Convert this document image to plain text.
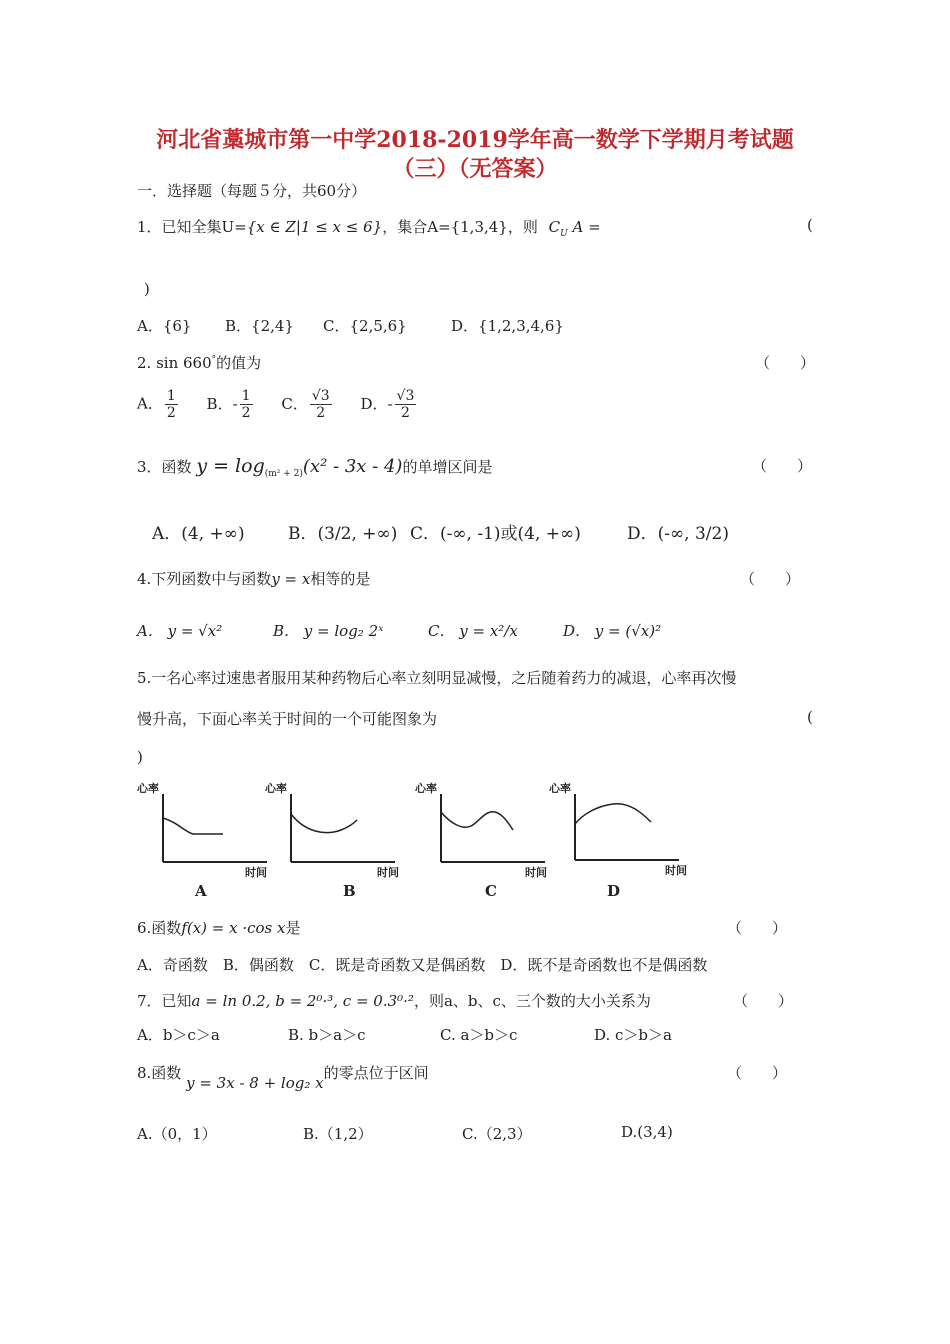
河北省藁城市第一中学2018-2019学年高一数学下学期月考试题
（三）（无答案）
一．选择题（每题５分，共60分）
1．已知全集U={x ∈ Z|1 ≤ x ≤ 6}，集合A={1,3,4}，则 $C_U$ A =	(
)
A．{6} B．{2,4} C．{2,5,6}	D．{1,2,3,4,6}
2. sin 660°的值为	（　　）
A． $\frac{1}{2}$ B．- $\frac{1}{2}$ C． $\frac{√3}{2}$ D．- $\frac{√3}{2}$
3．函数 $y = \log_{(m^2 + 2)}(x^2 - 3x - 4)$的单增区间是	（　　）
A．(4, +∞)	B．(3/2, +∞) C．(-∞, -1)或(4, +∞)	D．(-∞, 3/2)
4.下列函数中与函数y = x相等的是	（　　）
A． y = √x²	B． y = log₂ 2ˣ	C． y = x²/x	D． y = (√x)²
5.一名心率过速患者服用某种药物后心率立刻明显减慢，之后随着药力的减退，心率再次慢
慢升高，下面心率关于时间的一个可能图象为	(
)
心率
时间
A
心率
时间
B
心率
时间
C
心率
时间
D
6.函数f(x) = x ·cos x是	（　　）
A．奇函数　B．偶函数　C．既是奇函数又是偶函数　D．既不是奇函数也不是偶函数
7．已知a = ln 0.2, b = 2⁰·³, c = 0.3⁰·²，则a、b、c、三个数的大小关系为	（　　）
A．b＞c＞a	B. b＞a＞c	C. a＞b＞c	D. c＞b＞a
8.函数 y = 3x - 8 + log₂ x的零点位于区间	（　　）
A.（0，1）	B.（1,2）	C.（2,3）	D.(3,4)
